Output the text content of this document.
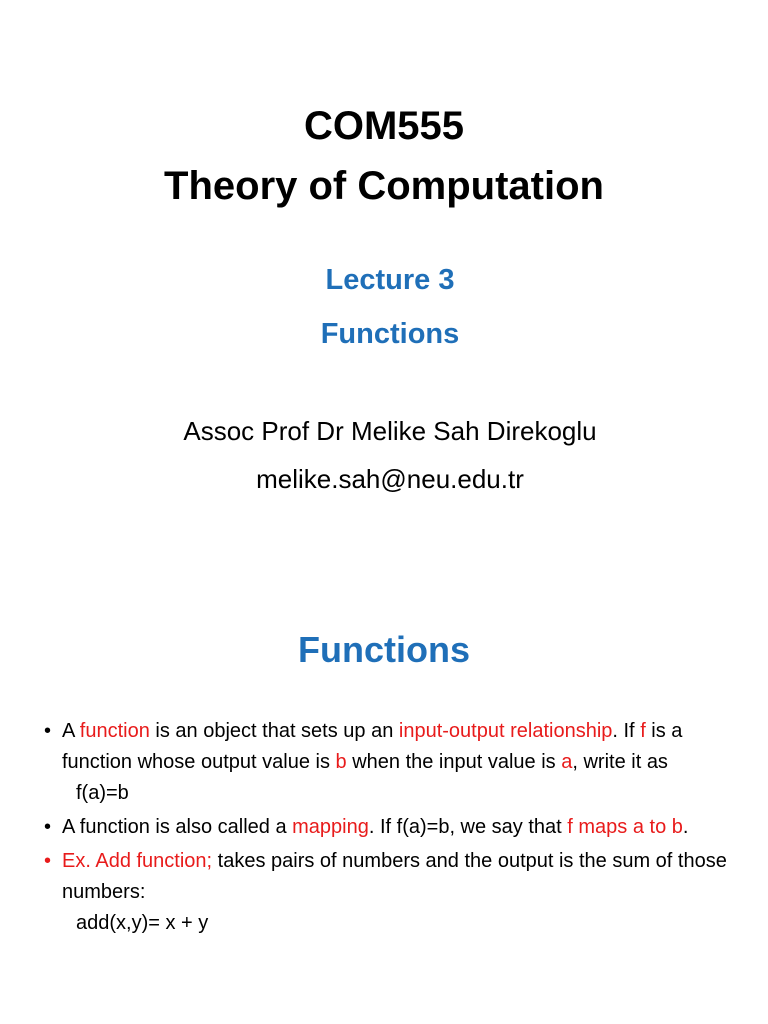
COM555
Theory of Computation
Lecture 3
Functions
Assoc Prof Dr Melike Sah Direkoglu
melike.sah@neu.edu.tr
Functions
• A function is an object that sets up an input-output relationship. If f is a function whose output value is b when the input value is a, write it as
f(a)=b
• A function is also called a mapping. If f(a)=b, we say that f maps a to b.
• Ex. Add function; takes pairs of numbers and the output is the sum of those numbers:
add(x,y)= x + y
